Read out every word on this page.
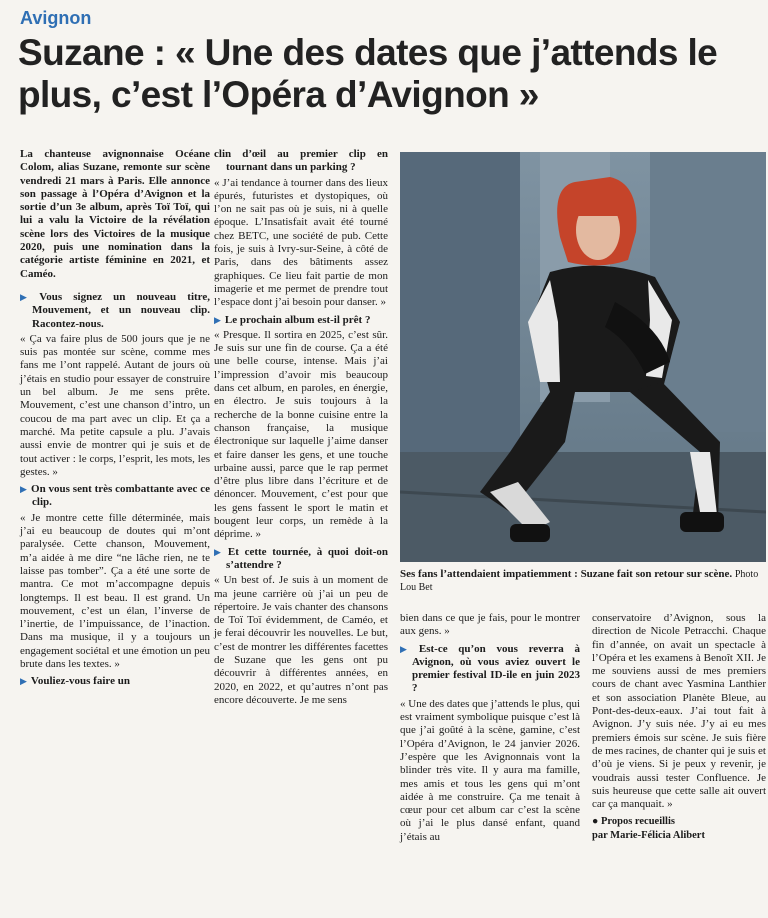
Avignon
Suzane : « Une des dates que j’attends le plus, c’est l’Opéra d’Avignon »

La chanteuse avignonnaise Océane Colom, alias Suzane, remonte sur scène vendredi 21 mars à Paris. Elle annonce son passage à l’Opéra d’Avignon et la sortie d’un 3e album, après Toï Toï, qui lui a valu la Victoire de la révélation scène lors des Victoires de la musique 2020, puis une nomination dans la catégorie artiste féminine en 2021, et Caméo.

▶ Vous signez un nouveau titre, Mouvement, et un nouveau clip. Racontez-nous.

« Ça va faire plus de 500 jours que je ne suis pas montée sur scène, comme mes fans me l’ont rappelé. Autant de jours où j’étais en studio pour essayer de construire un bel album. Je me sens prête. Mouvement, c’est une chanson d’intro, un coucou de ma part avec un clip. Et ça a marché. Ma petite capsule a plu. J’avais aussi envie de montrer qui je suis et de tout activer : le corps, l’esprit, les mots, les gestes. »

▶ On vous sent très combattante avec ce clip.

« Je montre cette fille déterminée, mais j’ai eu beaucoup de doutes qui m’ont paralysée. Cette chanson, Mouvement, m’a aidée à me dire “ne lâche rien, ne te laisse pas tomber”. Ça a été une sorte de mantra. Ce mot m’accompagne depuis longtemps. Il est beau. Il est grand. Un mouvement, c’est un élan, l’inverse de l’inertie, de l’impuissance, de l’inaction. Dans ma musique, il y a toujours un engagement sociétal et une émotion un peu brute dans les textes. »

▶ Vouliez-vous faire un

clin d’œil au premier clip en tournant dans un parking ?

« J’ai tendance à tourner dans des lieux épurés, futuristes et dystopiques, où l’on ne sait pas où je suis, ni à quelle époque. L’Insatisfait avait été tourné chez BETC, une société de pub. Cette fois, je suis à Ivry-sur-Seine, à côté de Paris, dans des bâtiments assez graphiques. Ce lieu fait partie de mon imagerie et me permet de prendre tout l’espace dont j’ai besoin pour danser. »

▶ Le prochain album est-il prêt ?

« Presque. Il sortira en 2025, c’est sûr. Je suis sur une fin de course. Ça a été une belle course, intense. Mais j’ai l’impression d’avoir mis beaucoup dans cet album, en paroles, en énergie, en électro. Je suis toujours à la recherche de la bonne cuisine entre la chanson française, la musique électronique sur laquelle j’aime danser et faire danser les gens, et une touche urbaine aussi, parce que le rap permet d’être plus libre dans l’écriture et de dénoncer. Mouvement, c’est pour que les gens fassent le sport le matin et bougent leur corps, un remède à la déprime. »

▶ Et cette tournée, à quoi doit-on s’attendre ?

« Un best of. Je suis à un moment de ma jeune carrière où j’ai un peu de répertoire. Je vais chanter des chansons de Toï Toï évidemment, de Caméo, et je ferai découvrir les nouvelles. Le but, c’est de montrer les différentes facettes de Suzane que les gens ont pu découvrir à différentes années, en 2020, en 2022, et qu’autres n’ont pas encore découverte. Je me sens

Ses fans l’attendaient impatiemment : Suzane fait son retour sur scène. Photo Lou Bet

bien dans ce que je fais, pour le montrer aux gens. »

▶ Est-ce qu’on vous reverra à Avignon, où vous aviez ouvert le premier festival ID-ile en juin 2023 ?

« Une des dates que j’attends le plus, qui est vraiment symbolique puisque c’est là que j’ai goûté à la scène, gamine, c’est l’Opéra d’Avignon, le 24 janvier 2026. J’espère que les Avignonnais vont la blinder très vite. Il y aura ma famille, mes amis et tous les gens qui m’ont aidée à me construire. Ça me tenait à cœur pour cet album car c’est la scène où j’ai le plus dansé enfant, quand j’étais au

conservatoire d’Avignon, sous la direction de Nicole Petracchi. Chaque fin d’année, on avait un spectacle à l’Opéra et les examens à Benoît XII. Je me souviens aussi de mes premiers cours de chant avec Yasmina Lanthier et son association Planète Bleue, au Pont-des-deux-eaux. J’ai tout fait à Avignon. J’y suis née. J’y ai eu mes premiers émois sur scène. Je suis fière de mes racines, de chanter qui je suis et d’où je viens. Si je peux y revenir, je voudrais aussi tester Confluence. Je suis heureuse que cette salle ait ouvert car ça manquait. »

● Propos recueillis
par Marie-Félicia Alibert
